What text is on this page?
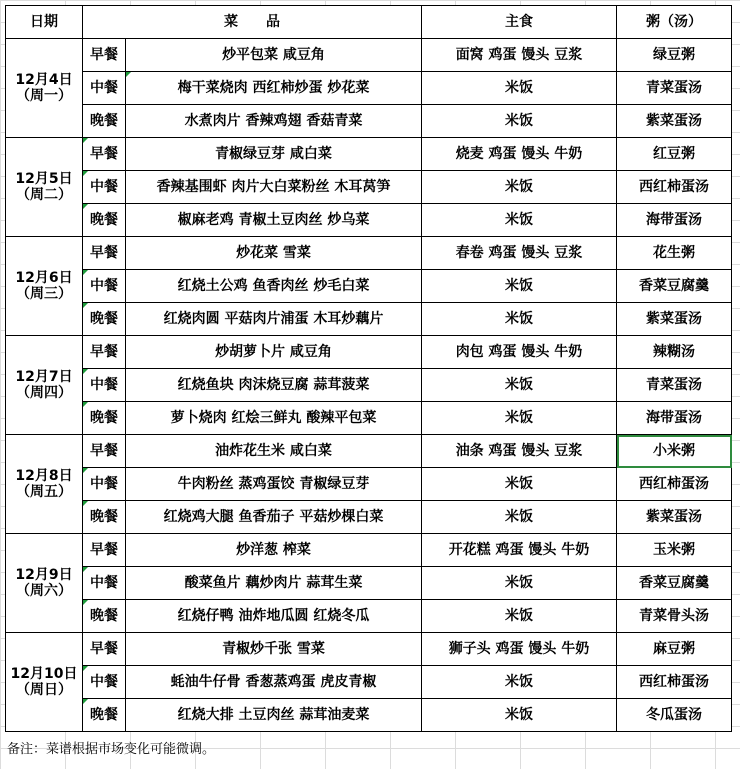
日期	菜　　品		主食	粥（汤）

12月4日
（周一）	早餐	炒平包菜 咸豆角	面窝 鸡蛋 馒头 豆浆	绿豆粥
	中餐	梅干菜烧肉 西红柿炒蛋 炒花菜	米饭	青菜蛋汤
	晚餐	水煮肉片 香辣鸡翅 香菇青菜	米饭	紫菜蛋汤

12月5日
（周二）	早餐	青椒绿豆芽 咸白菜	烧麦 鸡蛋 馒头 牛奶	红豆粥
	中餐	香辣基围虾 肉片大白菜粉丝 木耳莴笋	米饭	西红柿蛋汤
	晚餐	椒麻老鸡 青椒土豆肉丝 炒乌菜	米饭	海带蛋汤

12月6日
（周三）	早餐	炒花菜 雪菜	春卷 鸡蛋 馒头 豆浆	花生粥
	中餐	红烧土公鸡 鱼香肉丝 炒毛白菜	米饭	香菜豆腐羹
	晚餐	红烧肉圆 平菇肉片浦蛋 木耳炒藕片	米饭	紫菜蛋汤

12月7日
（周四）	早餐	炒胡萝卜片 咸豆角	肉包 鸡蛋 馒头 牛奶	辣糊汤
	中餐	红烧鱼块 肉沫烧豆腐 蒜茸菠菜	米饭	青菜蛋汤
	晚餐	萝卜烧肉 红烩三鲜丸 酸辣平包菜	米饭	海带蛋汤

12月8日
（周五）	早餐	油炸花生米 咸白菜	油条 鸡蛋 馒头 豆浆	小米粥
	中餐	牛肉粉丝 蒸鸡蛋饺 青椒绿豆芽	米饭	西红柿蛋汤
	晚餐	红烧鸡大腿 鱼香茄子 平菇炒棵白菜	米饭	紫菜蛋汤

12月9日
（周六）	早餐	炒洋葱 榨菜	开花糕 鸡蛋 馒头 牛奶	玉米粥
	中餐	酸菜鱼片 藕炒肉片 蒜茸生菜	米饭	香菜豆腐羹
	晚餐	红烧仔鸭 油炸地瓜圆 红烧冬瓜	米饭	青菜骨头汤

12月10日
（周日）	早餐	青椒炒千张 雪菜	狮子头 鸡蛋 馒头 牛奶	麻豆粥
	中餐	蚝油牛仔骨 香葱蒸鸡蛋 虎皮青椒	米饭	西红柿蛋汤
	晚餐	红烧大排 土豆肉丝 蒜茸油麦菜	米饭	冬瓜蛋汤
备注：菜谱根据市场变化可能微调。
